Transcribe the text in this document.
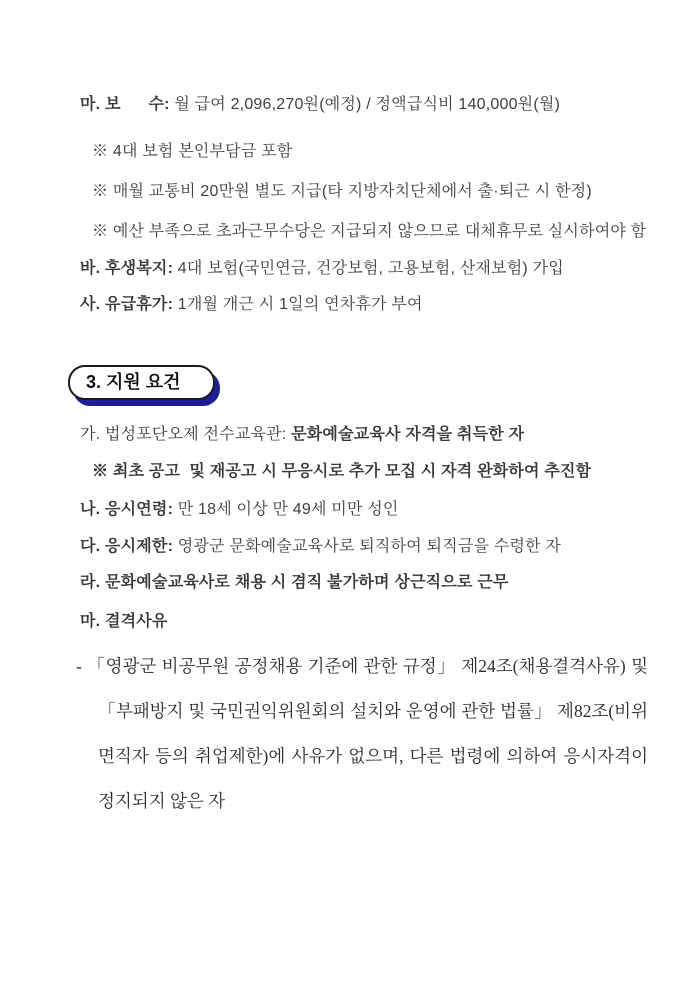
마. 보      수: 월 급여 2,096,270원(예정) / 정액급식비 140,000원(월)
※ 4대 보험 본인부담금 포함
※ 매월 교통비 20만원 별도 지급(타 지방자치단체에서 출·퇴근 시 한정)
※ 예산 부족으로 초과근무수당은 지급되지 않으므로 대체휴무로 실시하여야 함
바. 후생복지: 4대 보험(국민연금, 건강보험, 고용보험, 산재보험) 가입
사. 유급휴가: 1개월 개근 시 1일의 연차휴가 부여
3. 지원 요건
가. 법성포단오제 전수교육관: 문화예술교육사 자격을 취득한 자
※ 최초 공고  및 재공고 시 무응시로 추가 모집 시 자격 완화하여 추진함
나. 응시연령: 만 18세 이상 만 49세 미만 성인
다. 응시제한: 영광군 문화예술교육사로 퇴직하여 퇴직금을 수령한 자
라. 문화예술교육사로 채용 시 겸직 불가하며 상근직으로 근무
마. 결격사유

- 「영광군 비공무원 공정채용 기준에 관한 규정」 제24조(채용결격사유) 및 「부패방지 및 국민권익위원회의 설치와 운영에 관한 법률」 제82조(비위면직자 등의 취업제한)에 사유가 없으며, 다른 법령에 의하여 응시자격이 정지되지 않은 자
